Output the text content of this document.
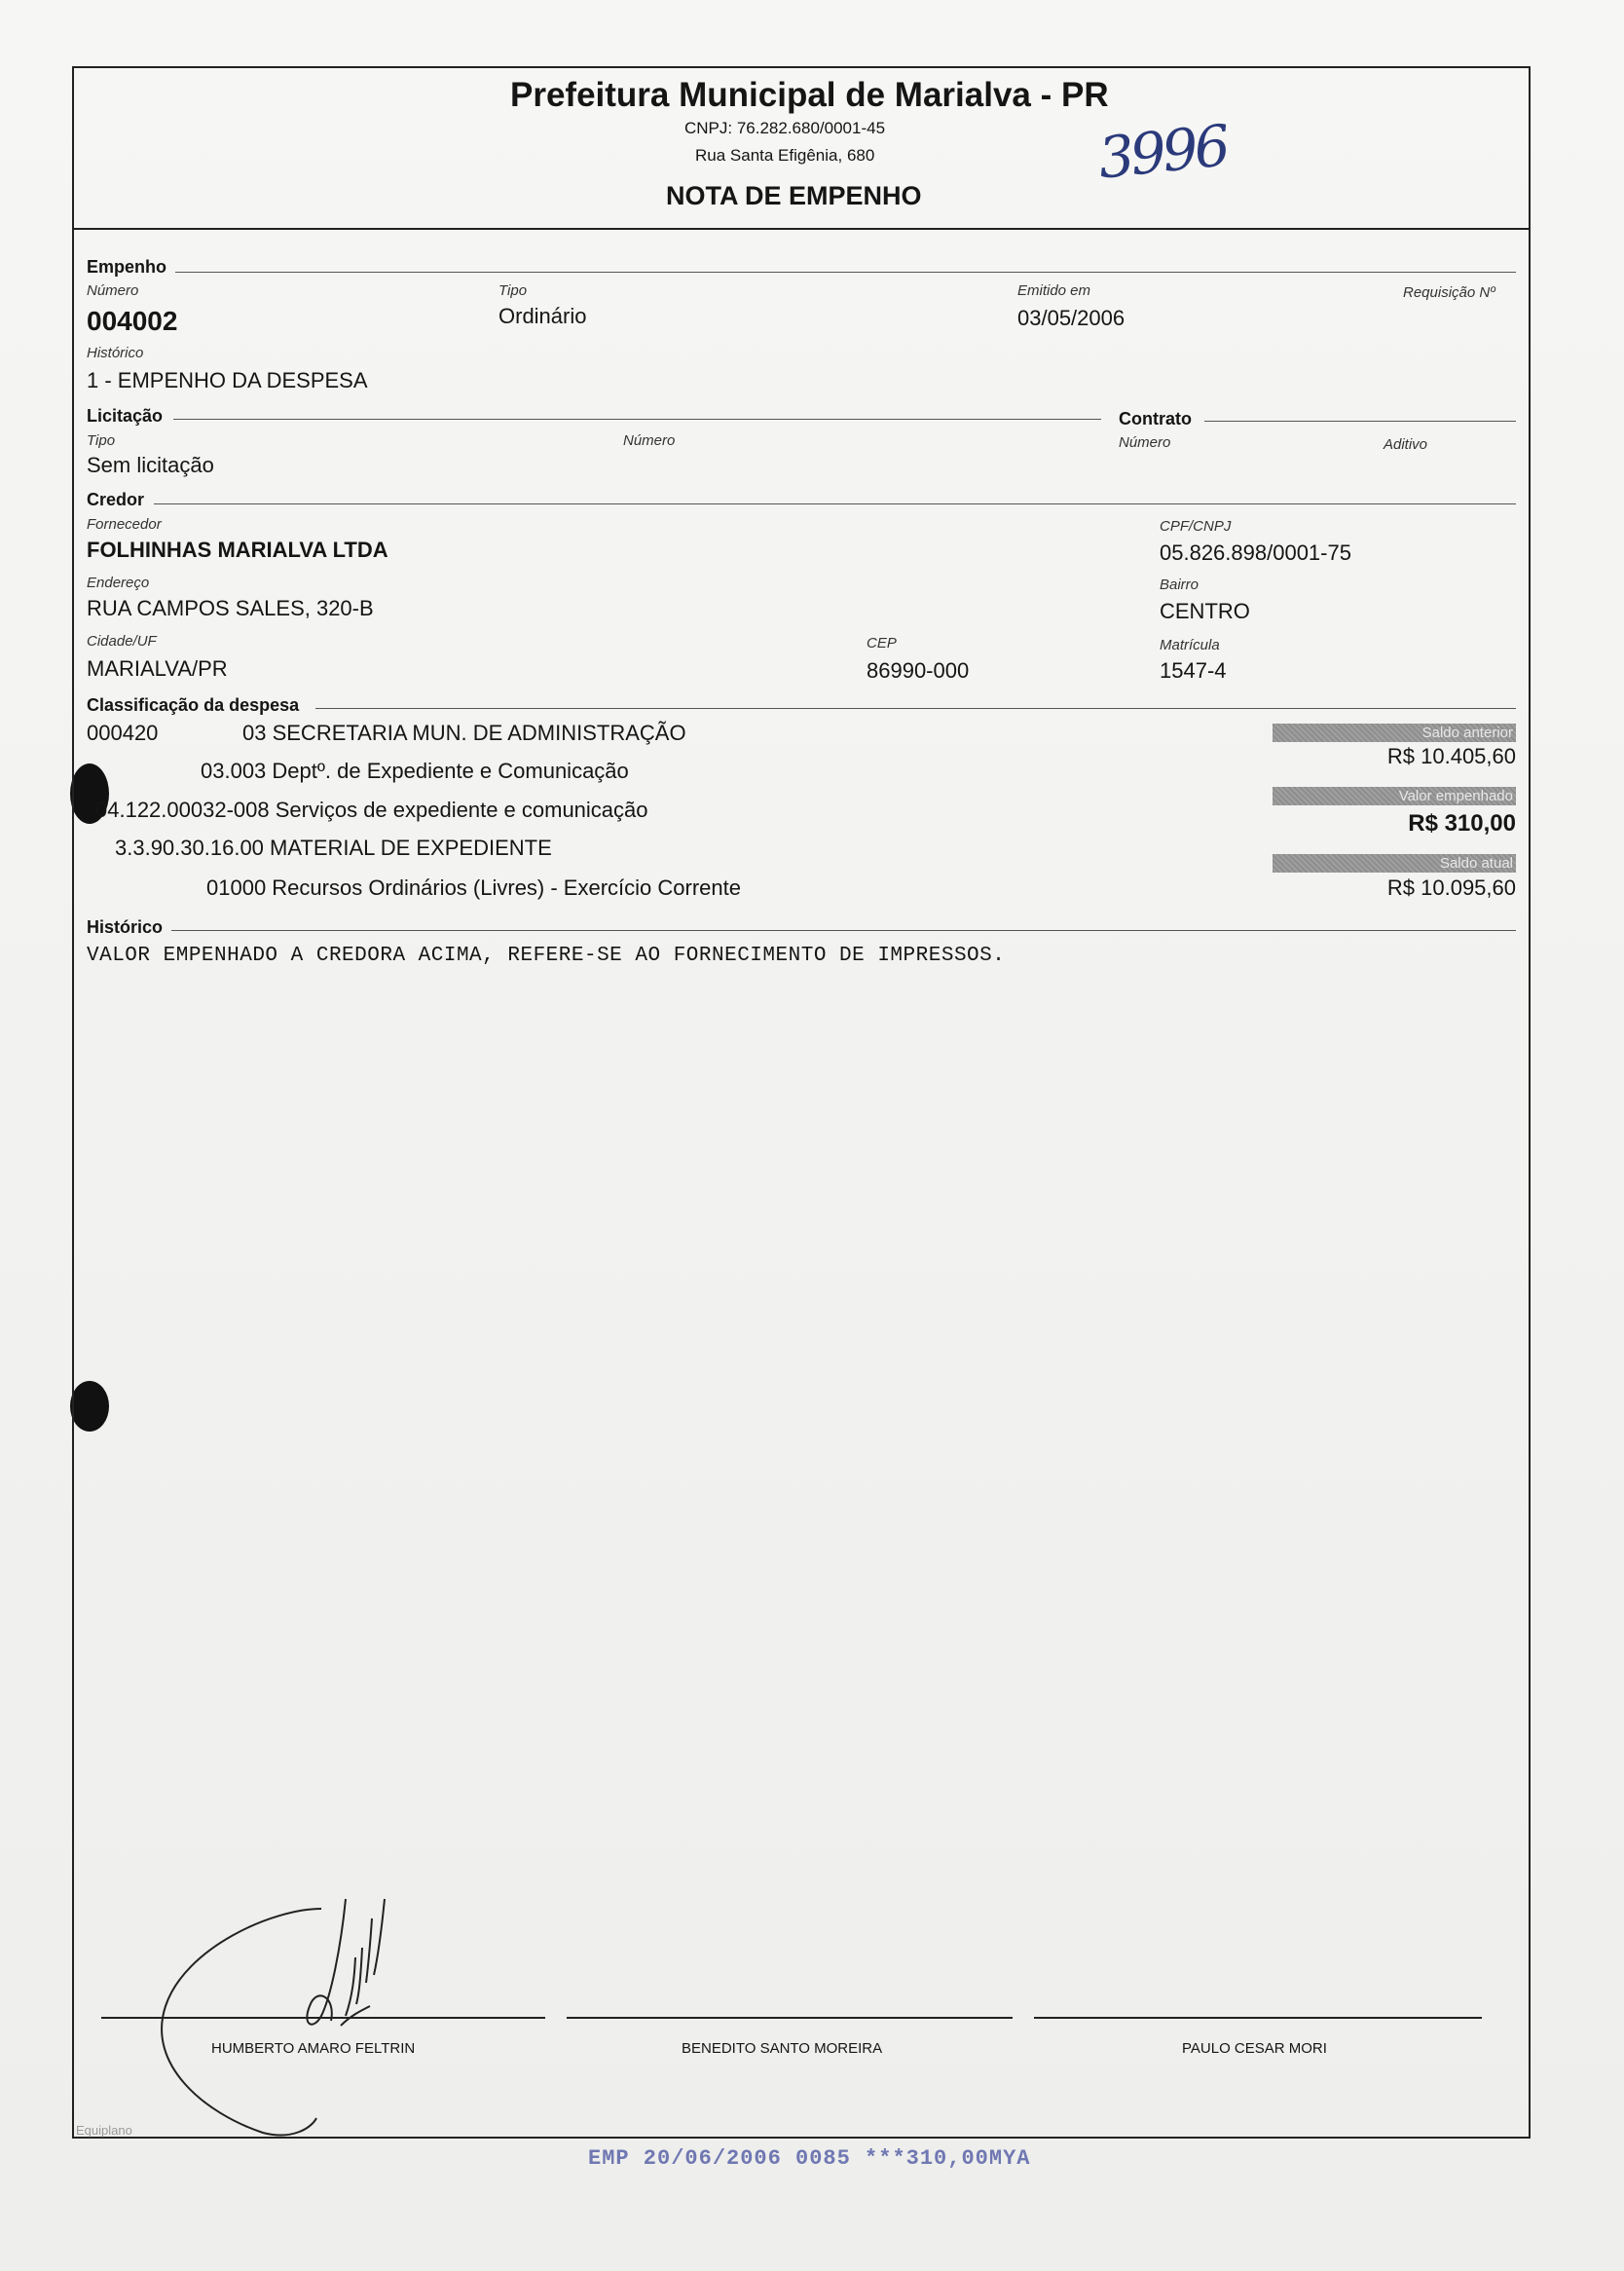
Prefeitura Municipal de Marialva - PR
CNPJ: 76.282.680/0001-45
Rua Santa Efigênia, 680
NOTA DE EMPENHO
3996
Empenho
Número
004002
Tipo
Ordinário
Emitido em
03/05/2006
Requisição Nº
Histórico
1 - EMPENHO DA DESPESA
Licitação	Contrato
Tipo
Sem licitação
Número	Número	Aditivo
Credor
Fornecedor
FOLHINHAS MARIALVA LTDA
CPF/CNPJ
05.826.898/0001-75
Endereço
RUA CAMPOS SALES, 320-B
Bairro
CENTRO
Cidade/UF
MARIALVA/PR
CEP
86990-000
Matrícula
1547-4
Classificação da despesa
000420	03 SECRETARIA MUN. DE ADMINISTRAÇÃO
03.003 Deptº. de Expediente e Comunicação
04.122.00032-008 Serviços de expediente e comunicação
3.3.90.30.16.00 MATERIAL DE EXPEDIENTE
01000 Recursos Ordinários (Livres) - Exercício Corrente
Saldo anterior
R$ 10.405,60
Valor empenhado
R$ 310,00
Saldo atual
R$ 10.095,60
Histórico
VALOR EMPENHADO A CREDORA ACIMA, REFERE-SE AO FORNECIMENTO DE IMPRESSOS.
HUMBERTO AMARO FELTRIN	BENEDITO SANTO MOREIRA	PAULO CESAR MORI
Equiplano
EMP 20/06/2006 0085 ***310,00MYA
